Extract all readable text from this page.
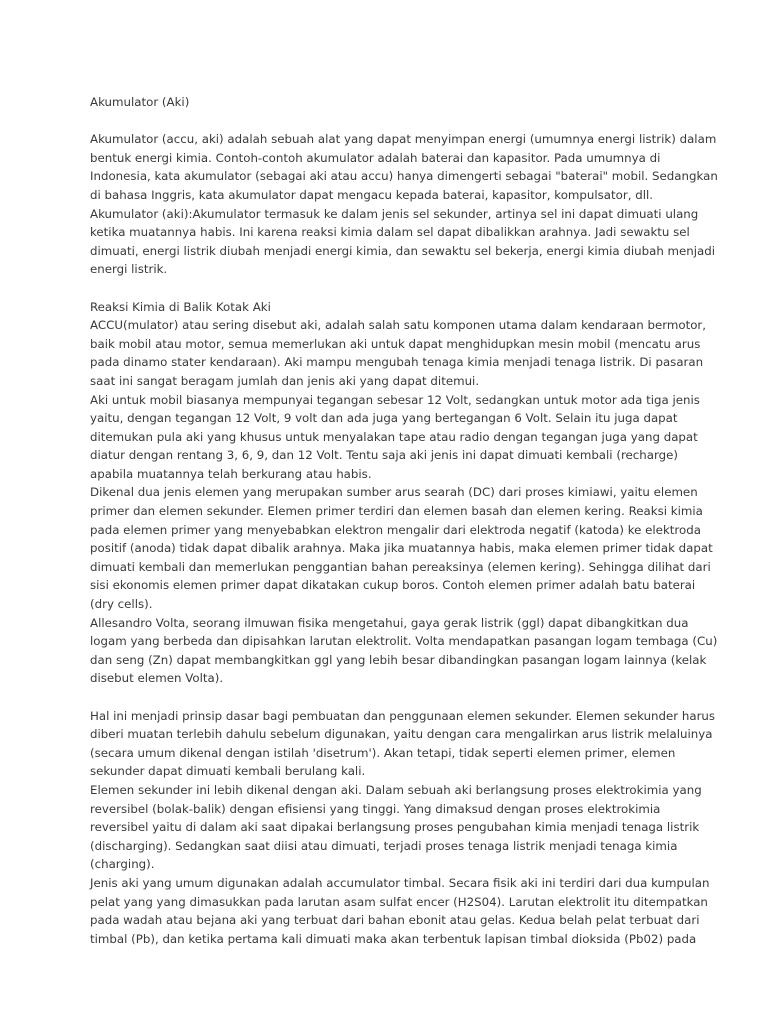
Akumulator (Aki)
Akumulator (accu, aki) adalah sebuah alat yang dapat menyimpan energi (umumnya energi listrik) dalam
bentuk energi kimia. Contoh-contoh akumulator adalah baterai dan kapasitor. Pada umumnya di
Indonesia, kata akumulator (sebagai aki atau accu) hanya dimengerti sebagai "baterai" mobil. Sedangkan
di bahasa Inggris, kata akumulator dapat mengacu kepada baterai, kapasitor, kompulsator, dll.
Akumulator (aki):Akumulator termasuk ke dalam jenis sel sekunder, artinya sel ini dapat dimuati ulang
ketika muatannya habis. Ini karena reaksi kimia dalam sel dapat dibalikkan arahnya. Jadi sewaktu sel
dimuati, energi listrik diubah menjadi energi kimia, dan sewaktu sel bekerja, energi kimia diubah menjadi
energi listrik.
Reaksi Kimia di Balik Kotak Aki
ACCU(mulator) atau sering disebut aki, adalah salah satu komponen utama dalam kendaraan bermotor,
baik mobil atau motor, semua memerlukan aki untuk dapat menghidupkan mesin mobil (mencatu arus
pada dinamo stater kendaraan). Aki mampu mengubah tenaga kimia menjadi tenaga listrik. Di pasaran
saat ini sangat beragam jumlah dan jenis aki yang dapat ditemui.
Aki untuk mobil biasanya mempunyai tegangan sebesar 12 Volt, sedangkan untuk motor ada tiga jenis
yaitu, dengan tegangan 12 Volt, 9 volt dan ada juga yang bertegangan 6 Volt. Selain itu juga dapat
ditemukan pula aki yang khusus untuk menyalakan tape atau radio dengan tegangan juga yang dapat
diatur dengan rentang 3, 6, 9, dan 12 Volt. Tentu saja aki jenis ini dapat dimuati kembali (recharge)
apabila muatannya telah berkurang atau habis.
Dikenal dua jenis elemen yang merupakan sumber arus searah (DC) dari proses kimiawi, yaitu elemen
primer dan elemen sekunder. Elemen primer terdiri dan elemen basah dan elemen kering. Reaksi kimia
pada elemen primer yang menyebabkan elektron mengalir dari elektroda negatif (katoda) ke elektroda
positif (anoda) tidak dapat dibalik arahnya. Maka jika muatannya habis, maka elemen primer tidak dapat
dimuati kembali dan memerlukan penggantian bahan pereaksinya (elemen kering). Sehingga dilihat dari
sisi ekonomis elemen primer dapat dikatakan cukup boros. Contoh elemen primer adalah batu baterai
(dry cells).
Allesandro Volta, seorang ilmuwan fisika mengetahui, gaya gerak listrik (ggl) dapat dibangkitkan dua
logam yang berbeda dan dipisahkan larutan elektrolit. Volta mendapatkan pasangan logam tembaga (Cu)
dan seng (Zn) dapat membangkitkan ggl yang lebih besar dibandingkan pasangan logam lainnya (kelak
disebut elemen Volta).
Hal ini menjadi prinsip dasar bagi pembuatan dan penggunaan elemen sekunder. Elemen sekunder harus
diberi muatan terlebih dahulu sebelum digunakan, yaitu dengan cara mengalirkan arus listrik melaluinya
(secara umum dikenal dengan istilah 'disetrum'). Akan tetapi, tidak seperti elemen primer, elemen
sekunder dapat dimuati kembali berulang kali.
Elemen sekunder ini lebih dikenal dengan aki. Dalam sebuah aki berlangsung proses elektrokimia yang
reversibel (bolak-balik) dengan efisiensi yang tinggi. Yang dimaksud dengan proses elektrokimia
reversibel yaitu di dalam aki saat dipakai berlangsung proses pengubahan kimia menjadi tenaga listrik
(discharging). Sedangkan saat diisi atau dimuati, terjadi proses tenaga listrik menjadi tenaga kimia
(charging).
Jenis aki yang umum digunakan adalah accumulator timbal. Secara fisik aki ini terdiri dari dua kumpulan
pelat yang yang dimasukkan pada larutan asam sulfat encer (H2S04). Larutan elektrolit itu ditempatkan
pada wadah atau bejana aki yang terbuat dari bahan ebonit atau gelas. Kedua belah pelat terbuat dari
timbal (Pb), dan ketika pertama kali dimuati maka akan terbentuk lapisan timbal dioksida (Pb02) pada
